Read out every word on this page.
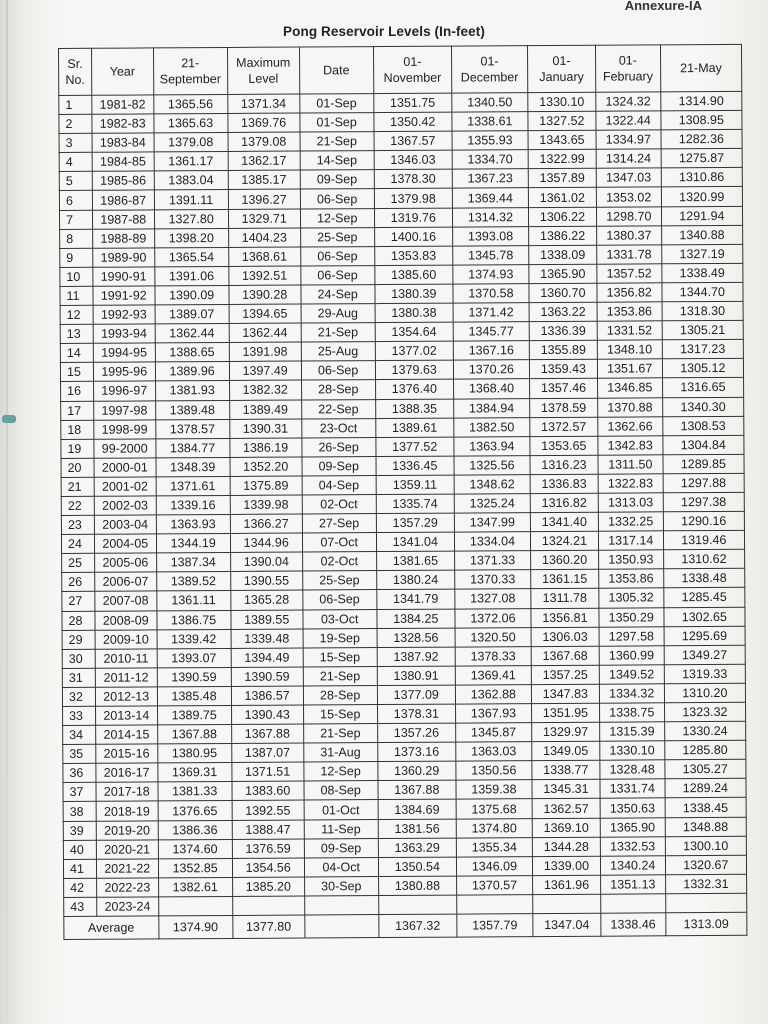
Annexure-IA
Pong Reservoir Levels (In-feet)
Sr. No.	Year	21-September	Maximum Level	Date	01-November	01-December	01-January	01-February	21-May
1	1981-82	1365.56	1371.34	01-Sep	1351.75	1340.50	1330.10	1324.32	1314.90
2	1982-83	1365.63	1369.76	01-Sep	1350.42	1338.61	1327.52	1322.44	1308.95
3	1983-84	1379.08	1379.08	21-Sep	1367.57	1355.93	1343.65	1334.97	1282.36
4	1984-85	1361.17	1362.17	14-Sep	1346.03	1334.70	1322.99	1314.24	1275.87
5	1985-86	1383.04	1385.17	09-Sep	1378.30	1367.23	1357.89	1347.03	1310.86
6	1986-87	1391.11	1396.27	06-Sep	1379.98	1369.44	1361.02	1353.02	1320.99
7	1987-88	1327.80	1329.71	12-Sep	1319.76	1314.32	1306.22	1298.70	1291.94
8	1988-89	1398.20	1404.23	25-Sep	1400.16	1393.08	1386.22	1380.37	1340.88
9	1989-90	1365.54	1368.61	06-Sep	1353.83	1345.78	1338.09	1331.78	1327.19
10	1990-91	1391.06	1392.51	06-Sep	1385.60	1374.93	1365.90	1357.52	1338.49
11	1991-92	1390.09	1390.28	24-Sep	1380.39	1370.58	1360.70	1356.82	1344.70
12	1992-93	1389.07	1394.65	29-Aug	1380.38	1371.42	1363.22	1353.86	1318.30
13	1993-94	1362.44	1362.44	21-Sep	1354.64	1345.77	1336.39	1331.52	1305.21
14	1994-95	1388.65	1391.98	25-Aug	1377.02	1367.16	1355.89	1348.10	1317.23
15	1995-96	1389.96	1397.49	06-Sep	1379.63	1370.26	1359.43	1351.67	1305.12
16	1996-97	1381.93	1382.32	28-Sep	1376.40	1368.40	1357.46	1346.85	1316.65
17	1997-98	1389.48	1389.49	22-Sep	1388.35	1384.94	1378.59	1370.88	1340.30
18	1998-99	1378.57	1390.31	23-Oct	1389.61	1382.50	1372.57	1362.66	1308.53
19	99-2000	1384.77	1386.19	26-Sep	1377.52	1363.94	1353.65	1342.83	1304.84
20	2000-01	1348.39	1352.20	09-Sep	1336.45	1325.56	1316.23	1311.50	1289.85
21	2001-02	1371.61	1375.89	04-Sep	1359.11	1348.62	1336.83	1322.83	1297.88
22	2002-03	1339.16	1339.98	02-Oct	1335.74	1325.24	1316.82	1313.03	1297.38
23	2003-04	1363.93	1366.27	27-Sep	1357.29	1347.99	1341.40	1332.25	1290.16
24	2004-05	1344.19	1344.96	07-Oct	1341.04	1334.04	1324.21	1317.14	1319.46
25	2005-06	1387.34	1390.04	02-Oct	1381.65	1371.33	1360.20	1350.93	1310.62
26	2006-07	1389.52	1390.55	25-Sep	1380.24	1370.33	1361.15	1353.86	1338.48
27	2007-08	1361.11	1365.28	06-Sep	1341.79	1327.08	1311.78	1305.32	1285.45
28	2008-09	1386.75	1389.55	03-Oct	1384.25	1372.06	1356.81	1350.29	1302.65
29	2009-10	1339.42	1339.48	19-Sep	1328.56	1320.50	1306.03	1297.58	1295.69
30	2010-11	1393.07	1394.49	15-Sep	1387.92	1378.33	1367.68	1360.99	1349.27
31	2011-12	1390.59	1390.59	21-Sep	1380.91	1369.41	1357.25	1349.52	1319.33
32	2012-13	1385.48	1386.57	28-Sep	1377.09	1362.88	1347.83	1334.32	1310.20
33	2013-14	1389.75	1390.43	15-Sep	1378.31	1367.93	1351.95	1338.75	1323.32
34	2014-15	1367.88	1367.88	21-Sep	1357.26	1345.87	1329.97	1315.39	1330.24
35	2015-16	1380.95	1387.07	31-Aug	1373.16	1363.03	1349.05	1330.10	1285.80
36	2016-17	1369.31	1371.51	12-Sep	1360.29	1350.56	1338.77	1328.48	1305.27
37	2017-18	1381.33	1383.60	08-Sep	1367.88	1359.38	1345.31	1331.74	1289.24
38	2018-19	1376.65	1392.55	01-Oct	1384.69	1375.68	1362.57	1350.63	1338.45
39	2019-20	1386.36	1388.47	11-Sep	1381.56	1374.80	1369.10	1365.90	1348.88
40	2020-21	1374.60	1376.59	09-Sep	1363.29	1355.34	1344.28	1332.53	1300.10
41	2021-22	1352.85	1354.56	04-Oct	1350.54	1346.09	1339.00	1340.24	1320.67
42	2022-23	1382.61	1385.20	30-Sep	1380.88	1370.57	1361.96	1351.13	1332.31
43	2023-24								
Average		1374.90	1377.80		1367.32	1357.79	1347.04	1338.46	1313.09
